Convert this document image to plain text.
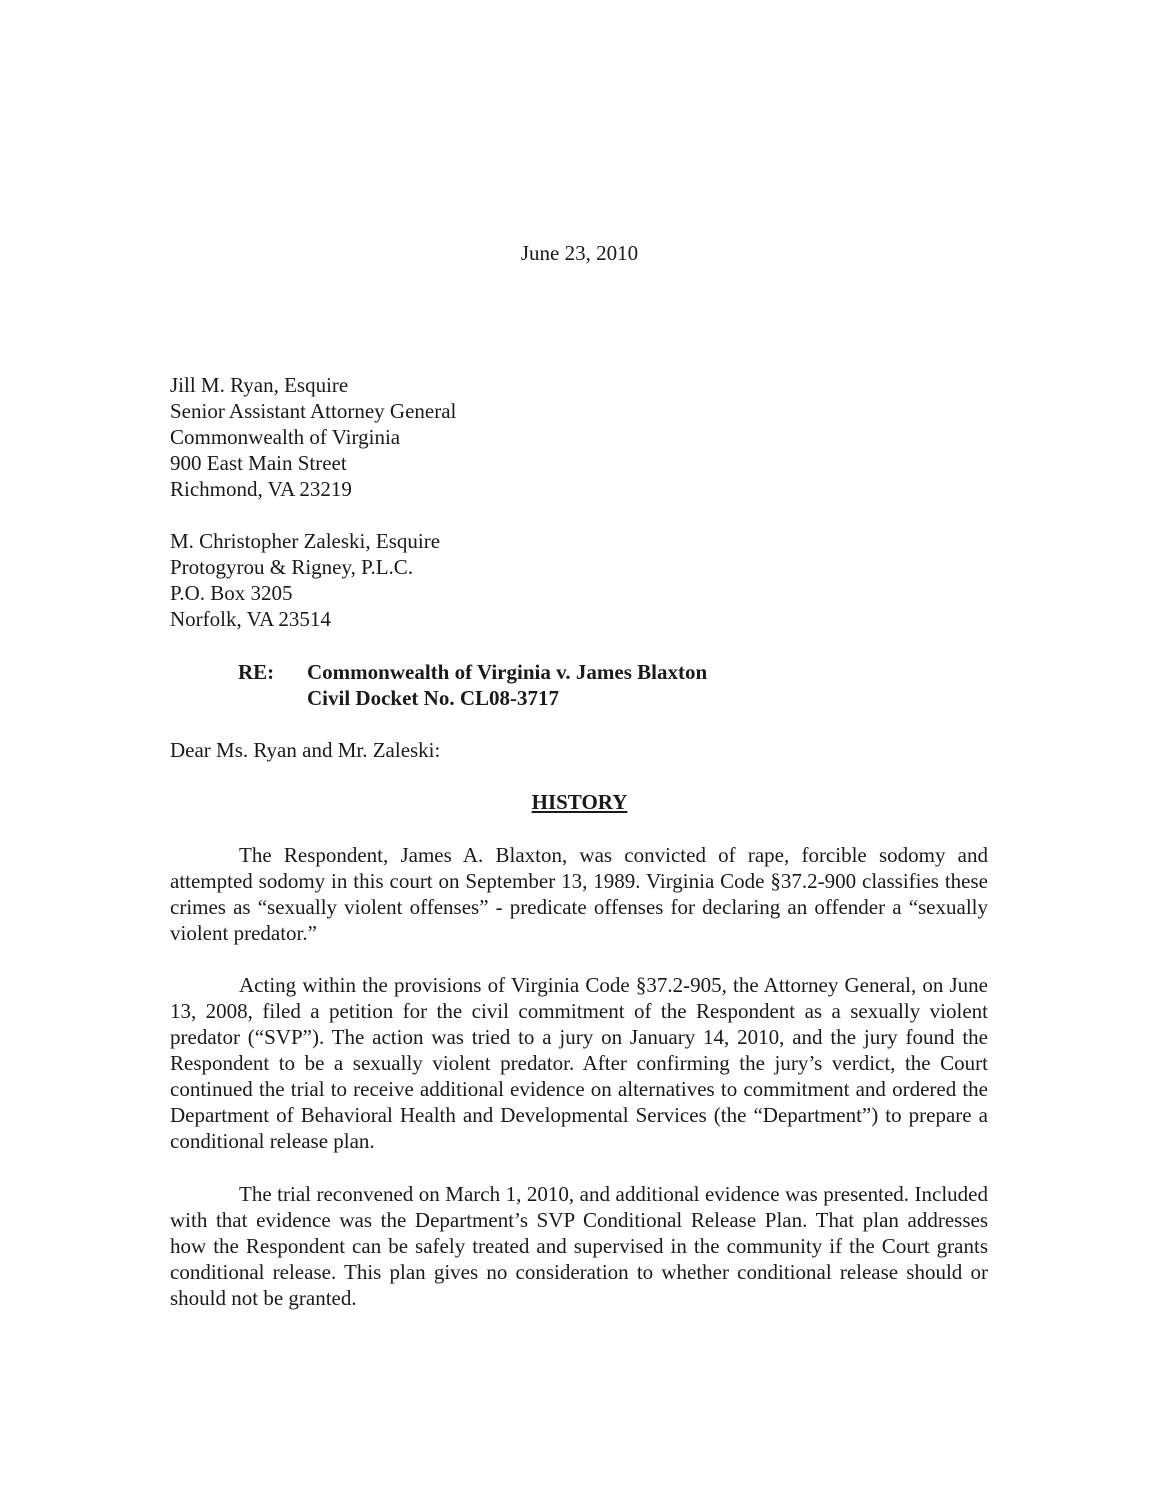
June 23, 2010
Jill M. Ryan, Esquire
Senior Assistant Attorney General
Commonwealth of Virginia
900 East Main Street
Richmond, VA 23219
M. Christopher Zaleski, Esquire
Protogyrou & Rigney, P.L.C.
P.O. Box 3205
Norfolk, VA 23514
RE:	Commonwealth of Virginia v. James Blaxton
Civil Docket No. CL08-3717
Dear Ms. Ryan and Mr. Zaleski:
HISTORY

The Respondent, James A. Blaxton, was convicted of rape, forcible sodomy and attempted sodomy in this court on September 13, 1989. Virginia Code §37.2-900 classifies these crimes as “sexually violent offenses” - predicate offenses for declaring an offender a “sexually violent predator.”

Acting within the provisions of Virginia Code §37.2-905, the Attorney General, on June 13, 2008, filed a petition for the civil commitment of the Respondent as a sexually violent predator (“SVP”). The action was tried to a jury on January 14, 2010, and the jury found the Respondent to be a sexually violent predator. After confirming the jury’s verdict, the Court continued the trial to receive additional evidence on alternatives to commitment and ordered the Department of Behavioral Health and Developmental Services (the “Department”) to prepare a conditional release plan.

The trial reconvened on March 1, 2010, and additional evidence was presented. Included with that evidence was the Department’s SVP Conditional Release Plan. That plan addresses how the Respondent can be safely treated and supervised in the community if the Court grants conditional release. This plan gives no consideration to whether conditional release should or should not be granted.
